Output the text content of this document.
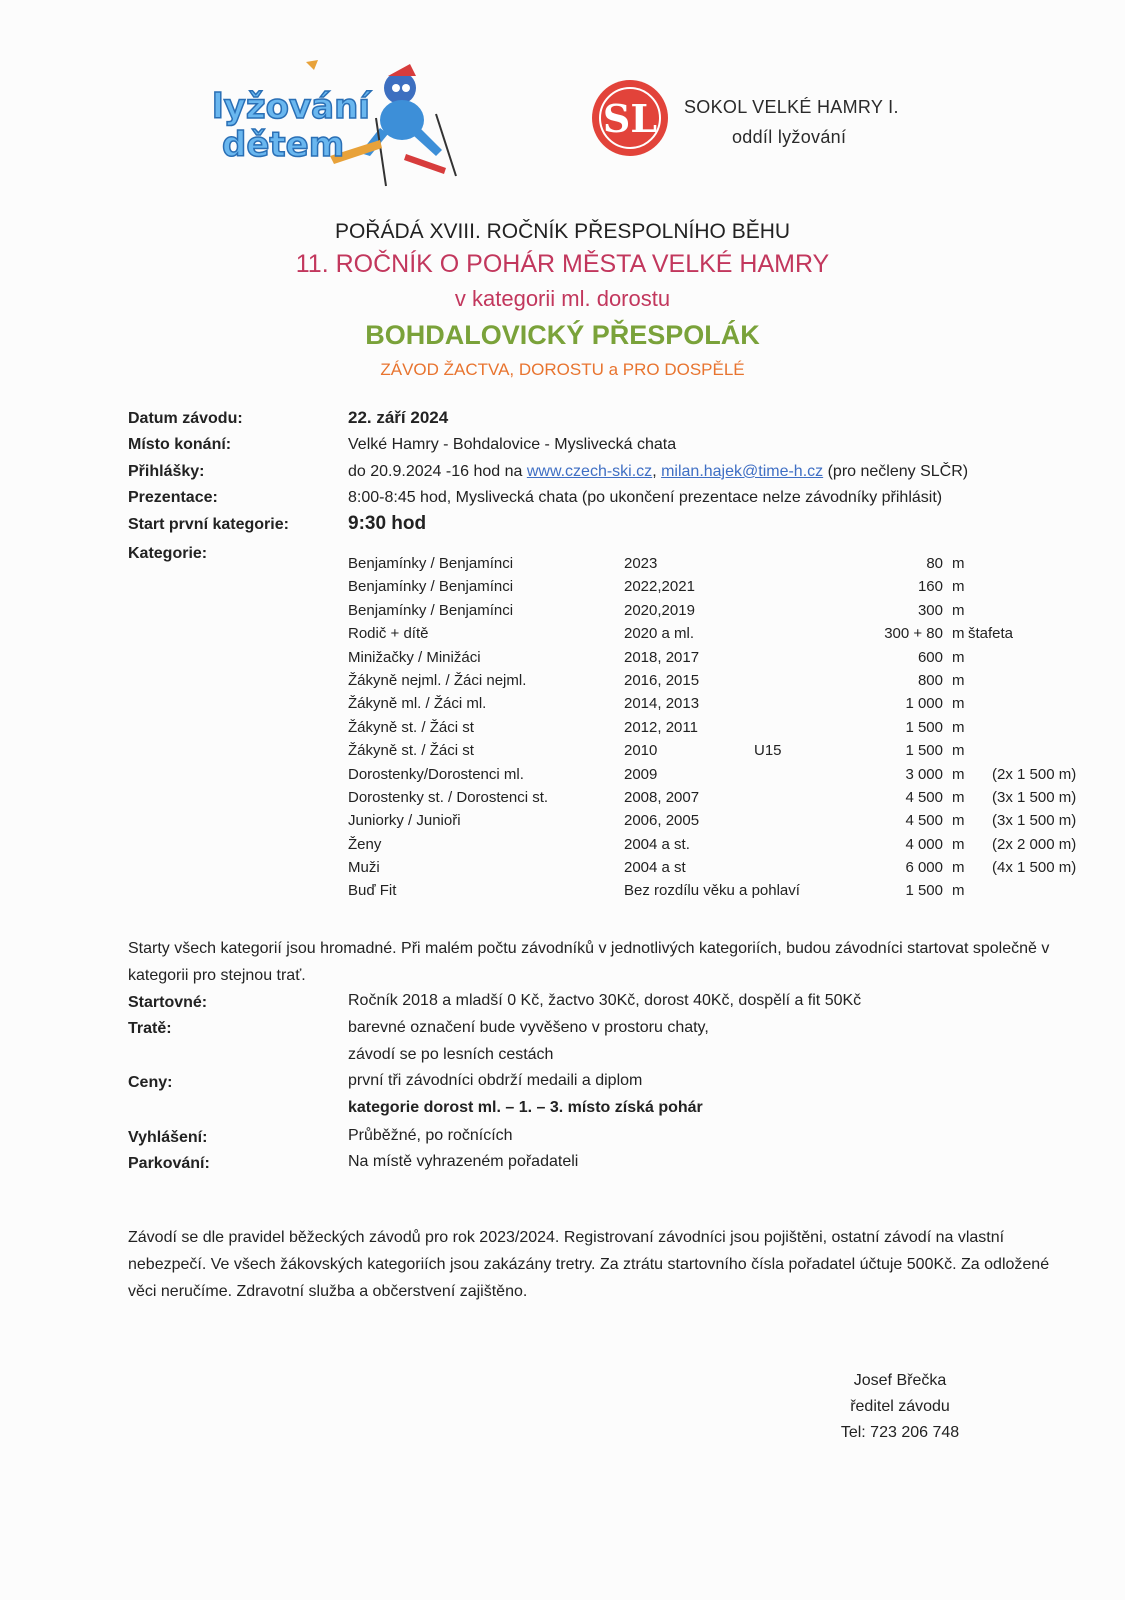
lyžování
dětem
SL SOKOL VELKÉ HAMRY I.
oddíl lyžování
POŘÁDÁ XVIII. ROČNÍK PŘESPOLNÍHO BĚHU
11. ROČNÍK O POHÁR MĚSTA VELKÉ HAMRY
v kategorii ml. dorostu
BOHDALOVICKÝ PŘESPOLÁK
ZÁVOD ŽACTVA, DOROSTU a PRO DOSPĚLÉ
Datum závodu:	22. září 2024
Místo konání:	Velké Hamry - Bohdalovice - Myslivecká chata
Přihlášky:	do 20.9.2024 -16 hod na www.czech-ski.cz, milan.hajek@time-h.cz (pro nečleny SLČR)
Prezentace:	8:00-8:45 hod, Myslivecká chata (po ukončení prezentace nelze závodníky přihlásit)
Start první kategorie:	9:30 hod
Kategorie:
Benjamínky / Benjamínci	2023	80 m
Benjamínky / Benjamínci	2022,2021	160 m
Benjamínky / Benjamínci	2020,2019	300 m
Rodič + dítě	2020 a ml.	300 + 80 m štafeta
Minižačky / Minižáci	2018, 2017	600 m
Žákyně nejml. / Žáci nejml.	2016, 2015	800 m
Žákyně ml. / Žáci ml.	2014, 2013	1 000 m
Žákyně st. / Žáci st	2012, 2011	1 500 m
Žákyně st. / Žáci st	2010	U15	1 500 m
Dorostenky/Dorostenci ml.	2009	3 000 m (2x 1 500 m)
Dorostenky st. / Dorostenci st.	2008, 2007	4 500 m (3x 1 500 m)
Juniorky / Junioři	2006, 2005	4 500 m (3x 1 500 m)
Ženy	2004 a st.	4 000 m (2x 2 000 m)
Muži	2004 a st	6 000 m (4x 1 500 m)
Buď Fit	Bez rozdílu věku a pohlaví	1 500 m
Starty všech kategorií jsou hromadné. Při malém počtu závodníků v jednotlivých kategoriích, budou závodníci startovat společně v kategorii pro stejnou trať.
Startovné:	Ročník 2018 a mladší 0 Kč, žactvo 30Kč, dorost 40Kč, dospělí a fit 50Kč
Tratě:	barevné označení bude vyvěšeno v prostoru chaty,
závodí se po lesních cestách
Ceny:	první tři závodníci obdrží medaili a diplom
kategorie dorost ml. – 1. – 3. místo získá pohár
Vyhlášení:	Průběžné, po ročnících
Parkování:	Na místě vyhrazeném pořadateli
Závodí se dle pravidel běžeckých závodů pro rok 2023/2024. Registrovaní závodníci jsou pojištěni, ostatní závodí na vlastní nebezpečí. Ve všech žákovských kategoriích jsou zakázány tretry. Za ztrátu startovního čísla pořadatel účtuje 500Kč. Za odložené věci neručíme. Zdravotní služba a občerstvení zajištěno.
Josef Břečka
ředitel závodu
Tel: 723 206 748
